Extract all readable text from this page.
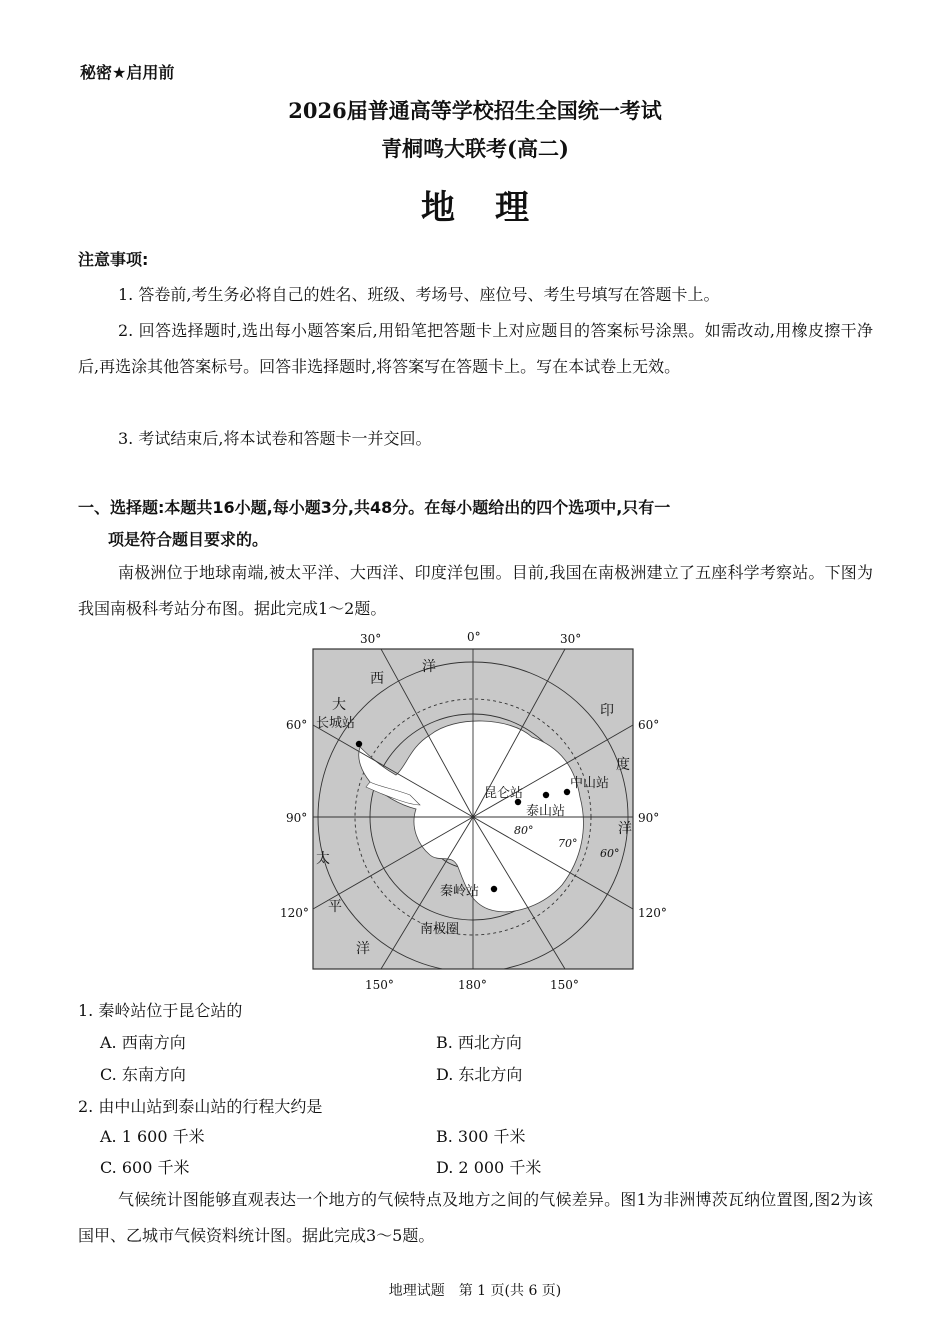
秘密★启用前
2026届普通高等学校招生全国统一考试
青桐鸣大联考(高二)
地理
注意事项:
1. 答卷前,考生务必将自己的姓名、班级、考场号、座位号、考生号填写在答题卡上。
2. 回答选择题时,选出每小题答案后,用铅笔把答题卡上对应题目的答案标号涂黑。如需改动,用橡皮擦干净后,再选涂其他答案标号。回答非选择题时,将答案写在答题卡上。写在本试卷上无效。
3. 考试结束后,将本试卷和答题卡一并交回。
一、选择题:本题共16小题,每小题3分,共48分。在每小题给出的四个选项中,只有一
项是符合题目要求的。
南极洲位于地球南端,被太平洋、大西洋、印度洋包围。目前,我国在南极洲建立了五座科学考察站。下图为我国南极科考站分布图。据此完成1～2题。
30°	0°	30°
60°
90°
120°
60°
90°
120°
150°	180°	150°
80°
70°
60°
大
西
洋
印
度
洋
太
平
洋
长城站
昆仑站
泰山站
中山站
秦岭站
南极圈
1. 秦岭站位于昆仑站的
A. 西南方向	B. 西北方向
C. 东南方向	D. 东北方向
2. 由中山站到泰山站的行程大约是
A. 1 600 千米	B. 300 千米
C. 600 千米	D. 2 000 千米
气候统计图能够直观表达一个地方的气候特点及地方之间的气候差异。图1为非洲博茨瓦纳位置图,图2为该国甲、乙城市气候资料统计图。据此完成3～5题。
地理试题　第 1 页(共 6 页)
